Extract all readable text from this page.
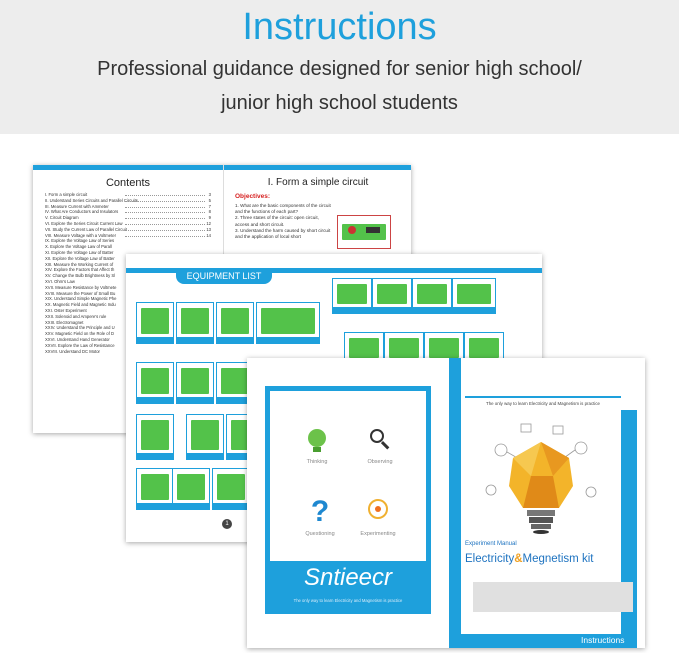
Instructions
Professional guidance designed for senior high school/
junior high school students
Contents
I. Form a simple circuit	3
II. Understand Series Circuits and Parallel Circuits	5
III. Measure Current with Ammeter	7
IV. What Are Conductors and Insulators	8
V. Circuit Diagram	9
VI. Explore the Series Circuit Current Law	12
VII. Study the Current Law of Parallel Circuit	13
VIII. Measure Voltage with a Voltmeter	14
IX. Explore the Voltage Law of Series
X. Explore the Voltage Law of Parall
XI. Explore the Voltage Law of Batter
XII. Explore the Voltage Law of Batter
XIII. Measure the Working Current of
XIV. Explore the Factors that Affect th
XV. Change the Bulb Brightness by Sl
XVI. Ohm's Law
XVII. Measure Resistance by Voltmete
XVIII. Measure the Power of Small Bu
XIX. Understand Simple Magnetic Phe
XX. Magnetic Field and Magnetic Indu
XXI. Oster Experiment
XXII. Solenoid and Ampere's rule
XXIII. Electromagnet
XXIV. Understand the Principle and U
XXV. Magnetic Field on the Role of D
XXVI. Understand Hand Generator
XXVII. Explore the Law of Resistance
XXVIII. Understand DC Motor
I. Form a simple circuit
Objectives:
1. What are the basic components of the circuit and the functions of each part?
2. Three states of the circuit: open circuit, access and short circuit.
3. Understand the harm caused by short circuit and the application of local short
EQUIPMENT LIST
1
Thinking	Observing
?
Questioning	Experimenting
Sntieecr
The only way to learn Electricity and Magnetism is practice
The only way to learn Electricity and Magnetism is practice
Experiment Manual
Electricity&Megnetism kit
Instructions
